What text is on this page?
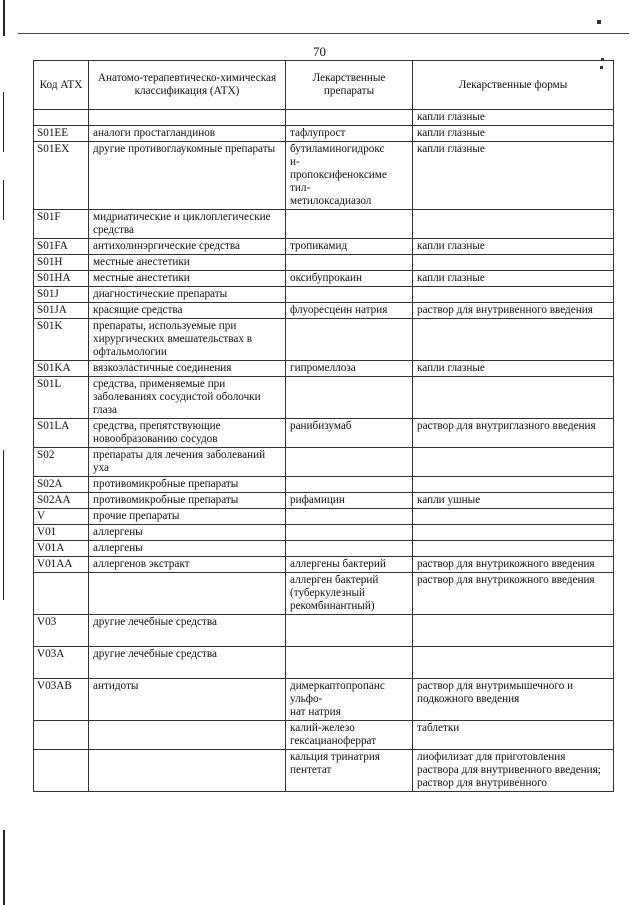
70
Код АТХ	Анатомо-терапевтическо-химическая классификация (АТХ)	Лекарственные препараты	Лекарственные формы
			капли глазные
S01EE	аналоги простагландинов	тафлупрост	капли глазные
S01EX	другие противоглаукомные препараты	бутиламиногидрокс
и-
пропоксифеноксиме
тил-
метилоксадиазол	капли глазные
S01F	мидриатические и циклоплегические средства		
S01FA	антихолинэргические средства	тропикамид	капли глазные
S01H	местные анестетики		
S01HA	местные анестетики	оксибупрокаин	капли глазные
S01J	диагностические препараты		
S01JA	красящие средства	флуоресцеин натрия	раствор для внутривенного введения
S01K	препараты, используемые при хирургических вмешательствах в офтальмологии		
S01KA	вязкоэластичные соединения	гипромеллоза	капли глазные
S01L	средства, применяемые при заболеваниях сосудистой оболочки глаза		
S01LA	средства, препятствующие новообразованию сосудов	ранибизумаб	раствор для внутриглазного введения
S02	препараты для лечения заболеваний уха		
S02A	противомикробные препараты		
S02AA	противомикробные препараты	рифамицин	капли ушные
V	прочие препараты		
V01	аллергены		
V01A	аллергены		
V01AA	аллергенов экстракт	аллергены бактерий	раствор для внутрикожного введения
		аллерген бактерий (туберкулезный рекомбинантный)	раствор для внутрикожного введения
V03	другие лечебные средства		
V03A	другие лечебные средства		
V03AB	антидоты	димеркаптопропанс
ульфо-
нат натрия	раствор для внутримышечного и подкожного введения
		калий-железо гексацианоферрат	таблетки
		кальция тринатрия пентетат	лиофилизат для приготовления раствора для внутривенного введения;
раствор для внутривенного
